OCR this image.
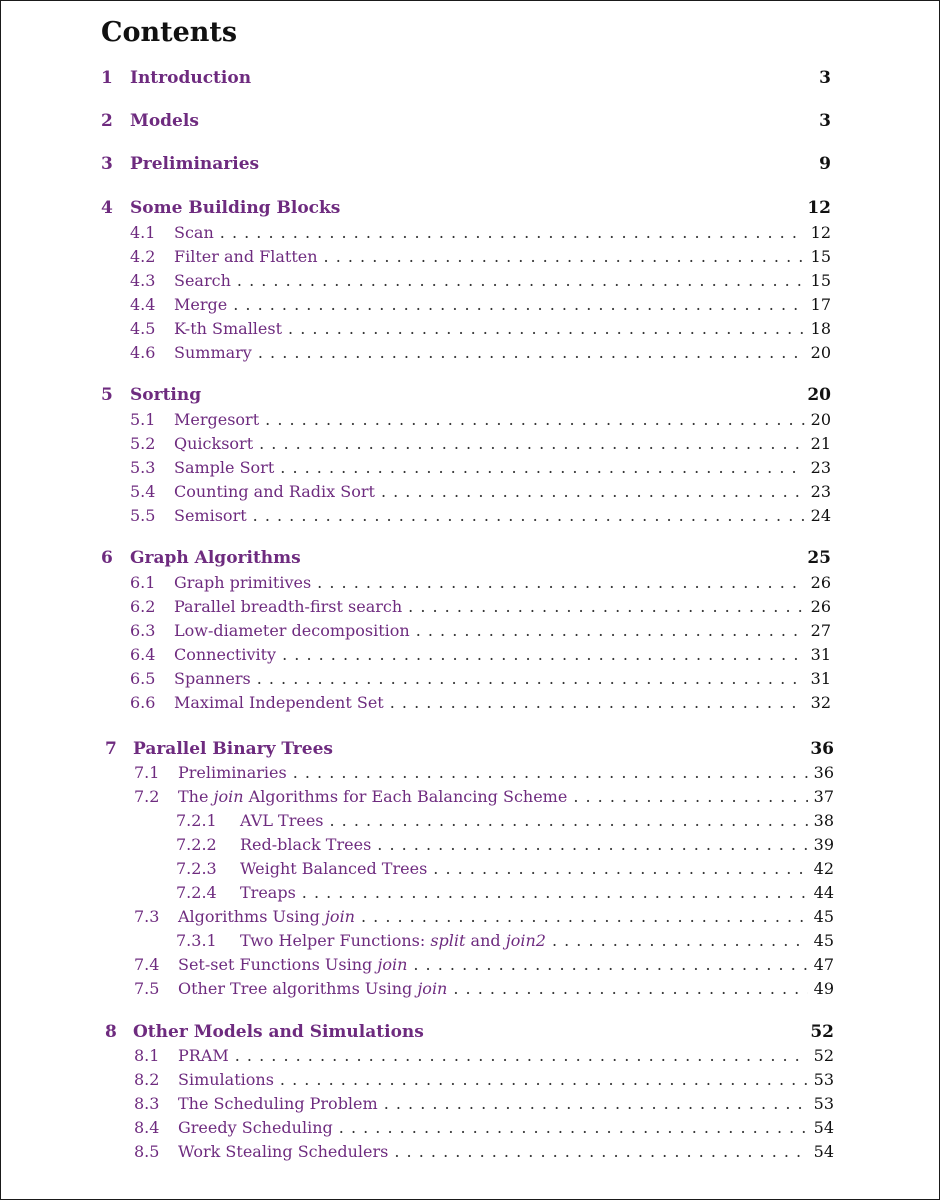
Contents
1	Introduction	3
2	Models	3
3	Preliminaries	9
4	Some Building Blocks	12
4.1	Scan . . .	12
4.2	Filter and Flatten . . .	15
4.3	Search . . .	15
4.4	Merge . . .	17
4.5	K-th Smallest . . .	18
4.6	Summary . . .	20
5	Sorting	20
5.1	Mergesort . . .	20
5.2	Quicksort . . .	21
5.3	Sample Sort . . .	23
5.4	Counting and Radix Sort . . .	23
5.5	Semisort . . .	24
6	Graph Algorithms	25
6.1	Graph primitives . . .	26
6.2	Parallel breadth-first search . . .	26
6.3	Low-diameter decomposition . . .	27
6.4	Connectivity . . .	31
6.5	Spanners . . .	31
6.6	Maximal Independent Set . . .	32
7 Parallel Binary Trees	36
7.1	Preliminaries . . .	36
7.2	The join Algorithms for Each Balancing Scheme . . .	37
7.2.1	AVL Trees . . .	38
7.2.2	Red-black Trees . . .	39
7.2.3	Weight Balanced Trees . . .	42
7.2.4	Treaps . . .	44
7.3	Algorithms Using join . . .	45
7.3.1	Two Helper Functions: split and join2 . . .	45
7.4	Set-set Functions Using join . . .	47
7.5	Other Tree algorithms Using join . . .	49
8 Other Models and Simulations	52
8.1	PRAM . . .	52
8.2	Simulations . . .	53
8.3	The Scheduling Problem . . .	53
8.4	Greedy Scheduling . . .	54
8.5	Work Stealing Schedulers . . .	54
